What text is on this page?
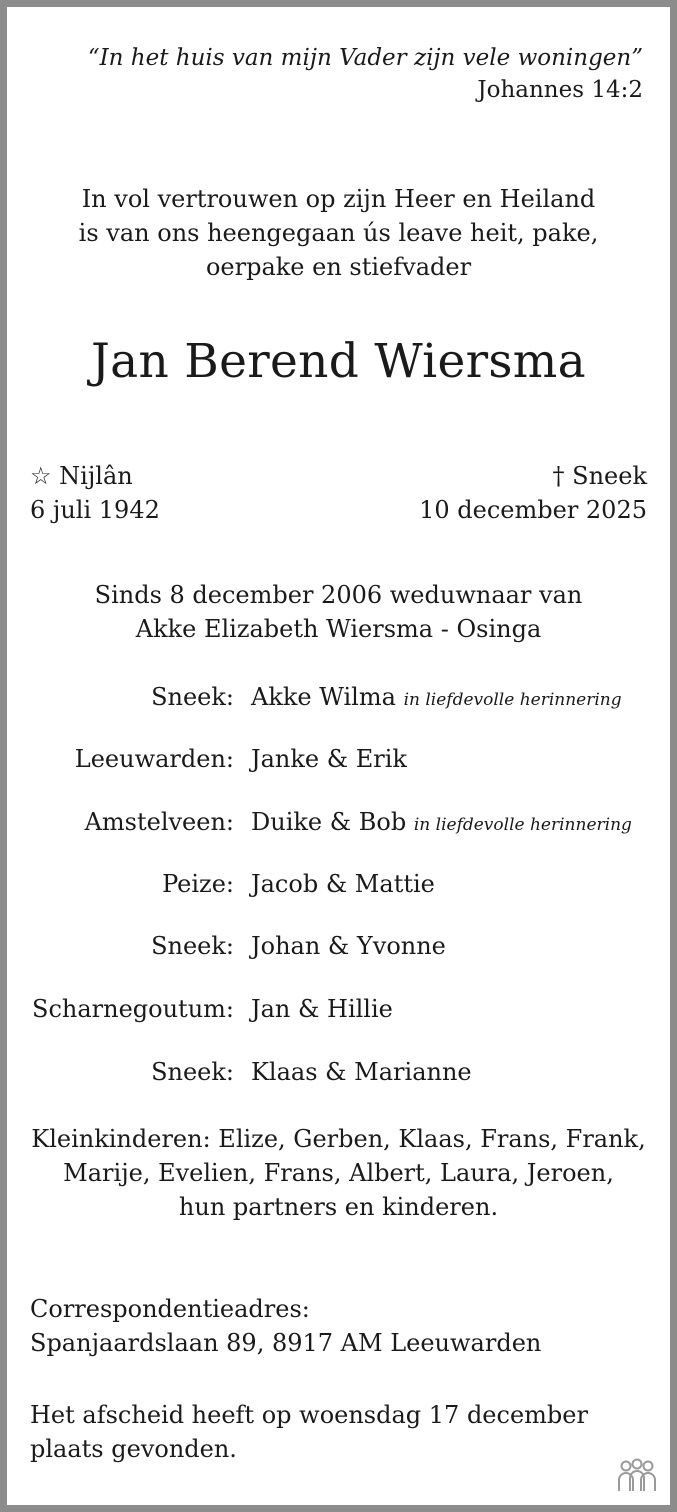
“In het huis van mijn Vader zijn vele woningen”
Johannes 14:2
In vol vertrouwen op zijn Heer en Heiland
is van ons heengegaan ús leave heit, pake,
oerpake en stiefvader
Jan Berend Wiersma
☆ Nijlân
6 juli 1942
† Sneek
10 december 2025
Sinds 8 december 2006 weduwnaar van
Akke Elizabeth Wiersma - Osinga
Sneek: Akke Wilma in liefdevolle herinnering
Leeuwarden: Janke & Erik
Amstelveen: Duike & Bob in liefdevolle herinnering
Peize: Jacob & Mattie
Sneek: Johan & Yvonne
Scharnegoutum: Jan & Hillie
Sneek: Klaas & Marianne
Kleinkinderen: Elize, Gerben, Klaas, Frans, Frank,
Marije, Evelien, Frans, Albert, Laura, Jeroen,
hun partners en kinderen.
Correspondentieadres:
Spanjaardslaan 89, 8917 AM Leeuwarden
Het afscheid heeft op woensdag 17 december
plaats gevonden.
